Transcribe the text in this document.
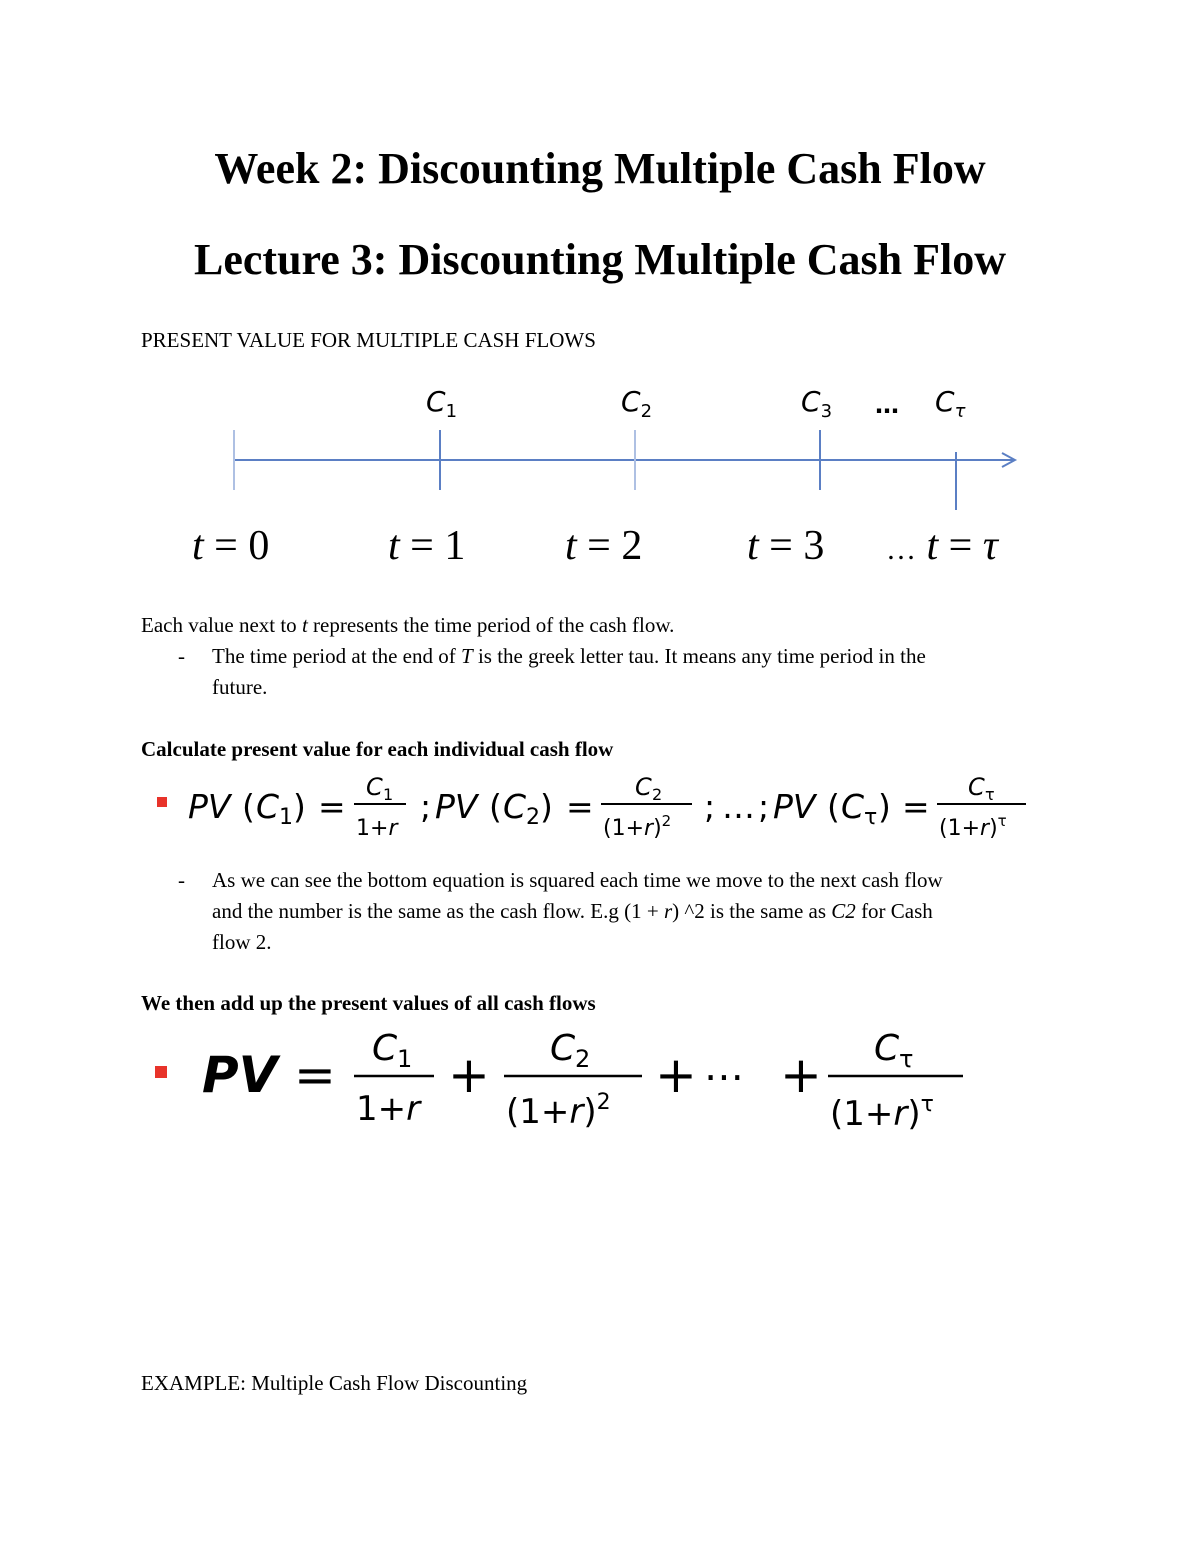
Week 2: Discounting Multiple Cash Flow
Lecture 3: Discounting Multiple Cash Flow
PRESENT VALUE FOR MULTIPLE CASH FLOWS
$C_1$	$C_2$	$C_3$ … $C_\tau$
t = 0	t = 1 t = 2 t = 3 … t = τ
Each value next to t represents the time period of the cash flow.
- The time period at the end of T is the greek letter tau. It means any time period in the
future.
Calculate present value for each individual cash flow
PV ( C 1 ) = C 1
1+r
; PV ( C 2 ) = C 2
$(1+r)^2$ ; … ; PV ( C τ ) = C τ
$(1+r)^\tau$
- As we can see the bottom equation is squared each time we move to the next cash flow
and the number is the same as the cash flow. E.g (1 + r) ^2 is the same as C2 for Cash
flow 2.
We then add up the present values of all cash flows
PV = C 1
1+r
+ C 2
$(1+r)^2$ + ⋯ + C τ
$(1+r)^\tau$
EXAMPLE: Multiple Cash Flow Discounting
